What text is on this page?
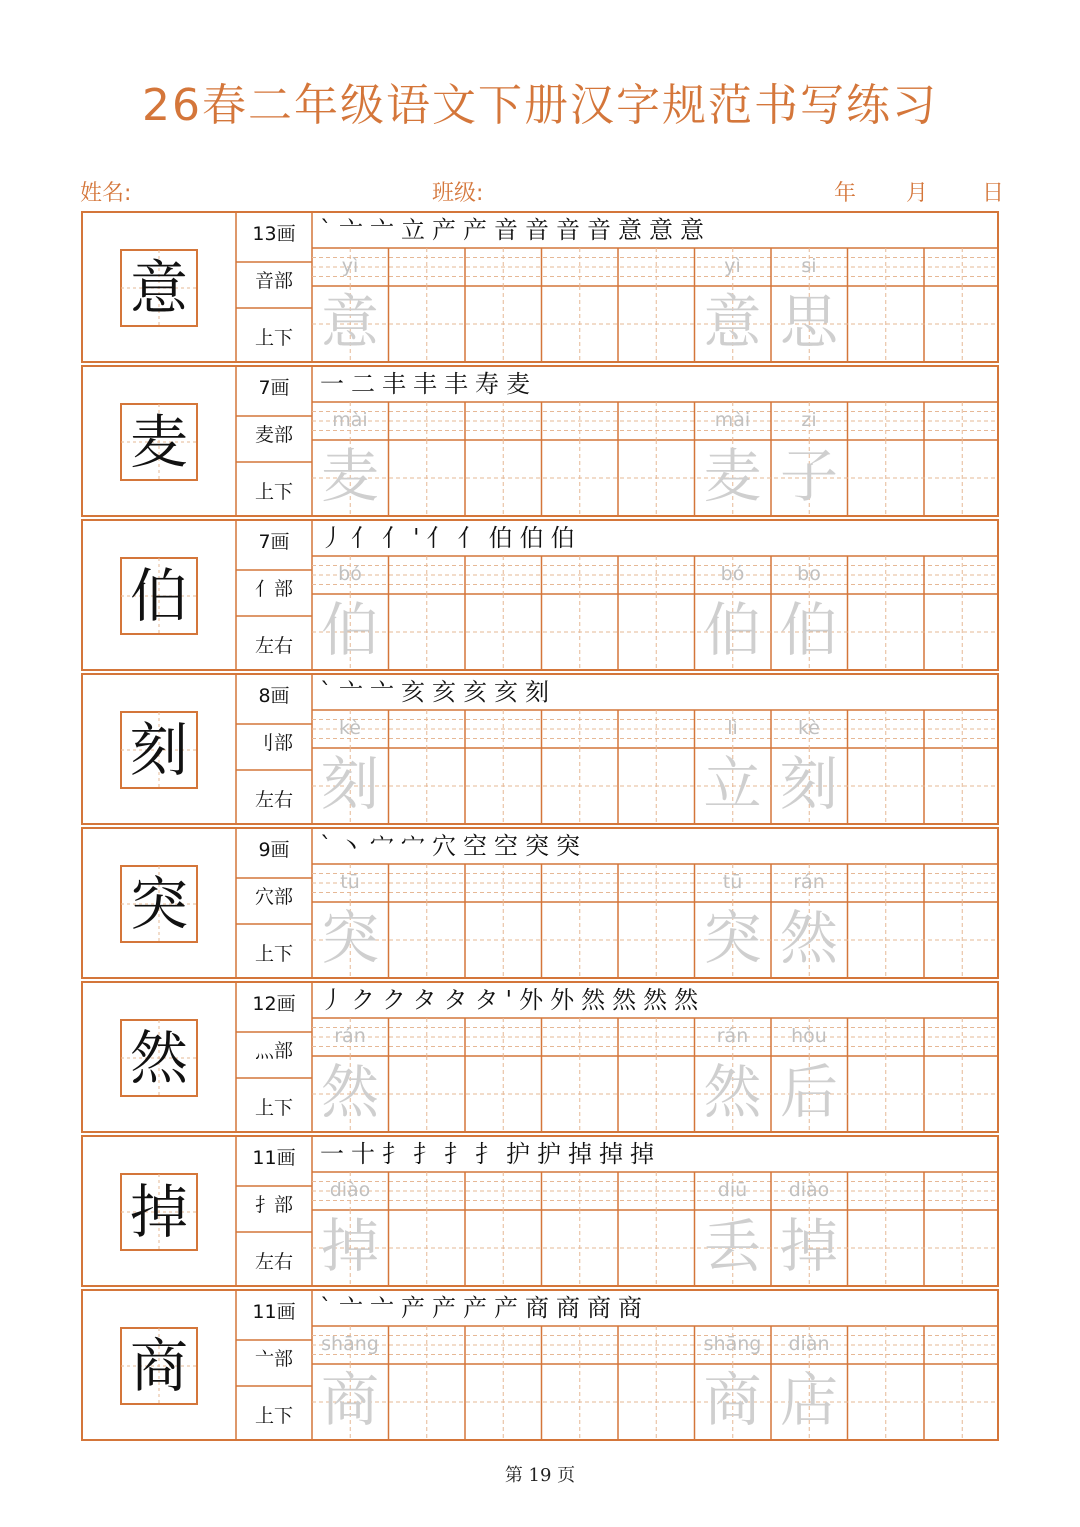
26春二年级语文下册汉字规范书写练习
姓名:	班级:	年 月 日
意
13画
音部
上下
`亠亠立产产音音音音意意意
yì
意
yì
意
si
思
麦
7画
麦部
上下
一二丰丰丰寿麦
mài
麦
mài
麦
zi
子
伯
7画
亻部
左右
丿亻亻'亻亻伯伯伯
bó
伯
bó
伯
bo
伯
刻
8画
刂部
左右
`亠亠亥亥亥亥刻
kè
刻
lì
立
kè
刻
突
9画
穴部
上下
`丶宀宀穴空空突突
tū
突
tū
突
rán
然
然
12画
灬部
上下
丿ククタタタ'外外然然然然
rán
然
rán
然
hòu
后
掉
11画
扌部
左右
一十扌扌扌扌护护掉掉掉
diào
掉
diū
丢
diào
掉
商
11画
亠部
上下
`亠亠产产产产商商商商
shāng
商
shāng
商
diàn
店
第 19 页
